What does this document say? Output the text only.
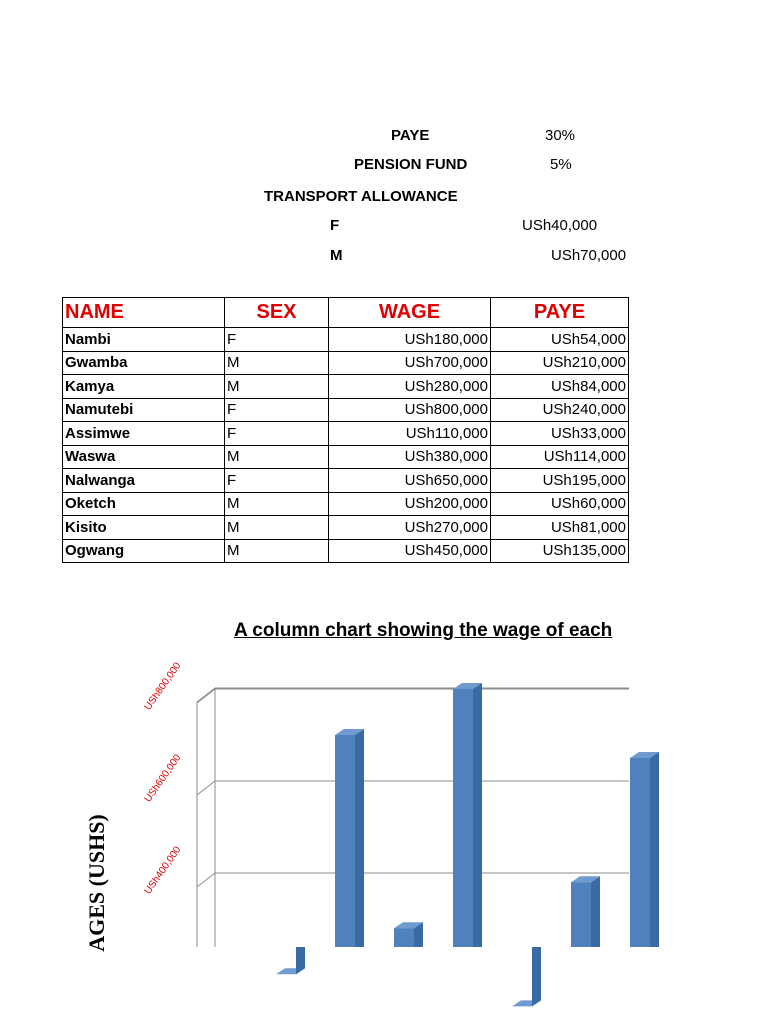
PAYE	30%
PENSION FUND	5%
TRANSPORT ALLOWANCE
F	USh40,000
M	USh70,000
NAME	SEX	WAGE	PAYE
Nambi	F	USh180,000	USh54,000
Gwamba	M	USh700,000	USh210,000
Kamya	M	USh280,000	USh84,000
Namutebi	F	USh800,000	USh240,000
Assimwe	F	USh110,000	USh33,000
Waswa	M	USh380,000	USh114,000
Nalwanga	F	USh650,000	USh195,000
Oketch	M	USh200,000	USh60,000
Kisito	M	USh270,000	USh81,000
Ogwang	M	USh450,000	USh135,000
A column chart showing the wage of each
AGES (USHS)	USh400,000
USh600,000
USh800,000
